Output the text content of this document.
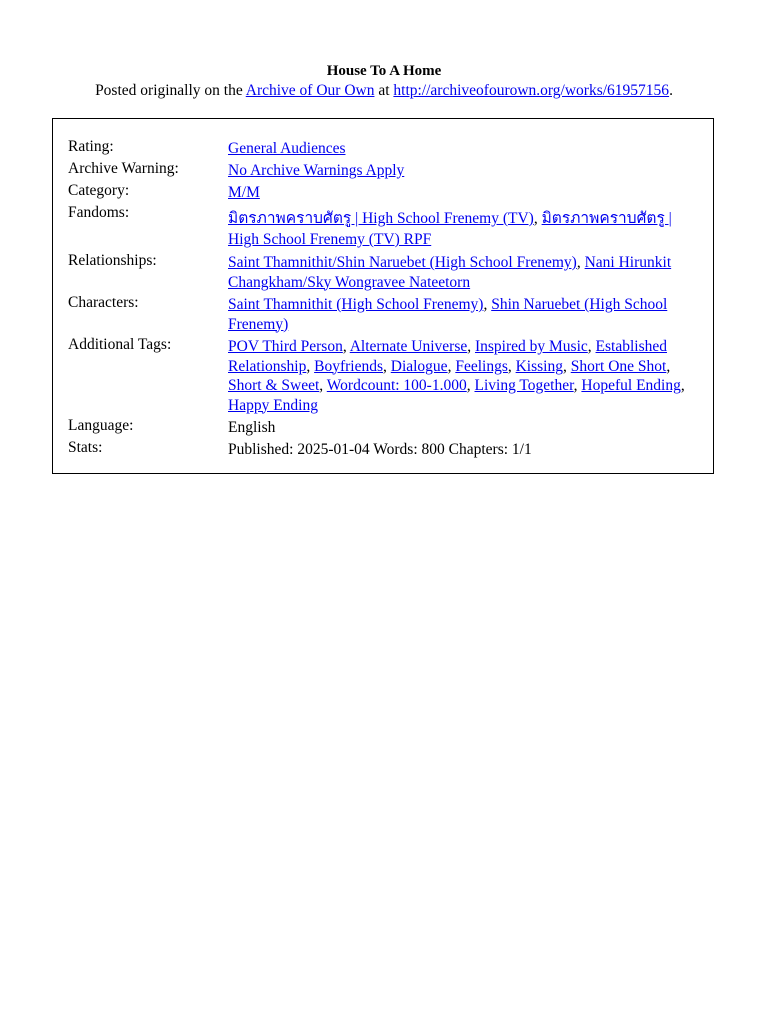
House To A Home
Posted originally on the Archive of Our Own at http://archiveofourown.org/works/61957156.
Rating:	General Audiences
Archive Warning:	No Archive Warnings Apply
Category:	M/M
Fandoms:	มิตรภาพคราบศัตรู | High School Frenemy (TV), มิตรภาพคราบศัตรู | High School Frenemy (TV) RPF
Relationships:	Saint Thamnithit/Shin Naruebet (High School Frenemy), Nani Hirunkit Changkham/Sky Wongravee Nateetorn
Characters:	Saint Thamnithit (High School Frenemy), Shin Naruebet (High School Frenemy)
Additional Tags:	POV Third Person, Alternate Universe, Inspired by Music, Established Relationship, Boyfriends, Dialogue, Feelings, Kissing, Short One Shot, Short & Sweet, Wordcount: 100-1.000, Living Together, Hopeful Ending, Happy Ending
Language:	English
Stats:	Published: 2025-01-04 Words: 800 Chapters: 1/1
